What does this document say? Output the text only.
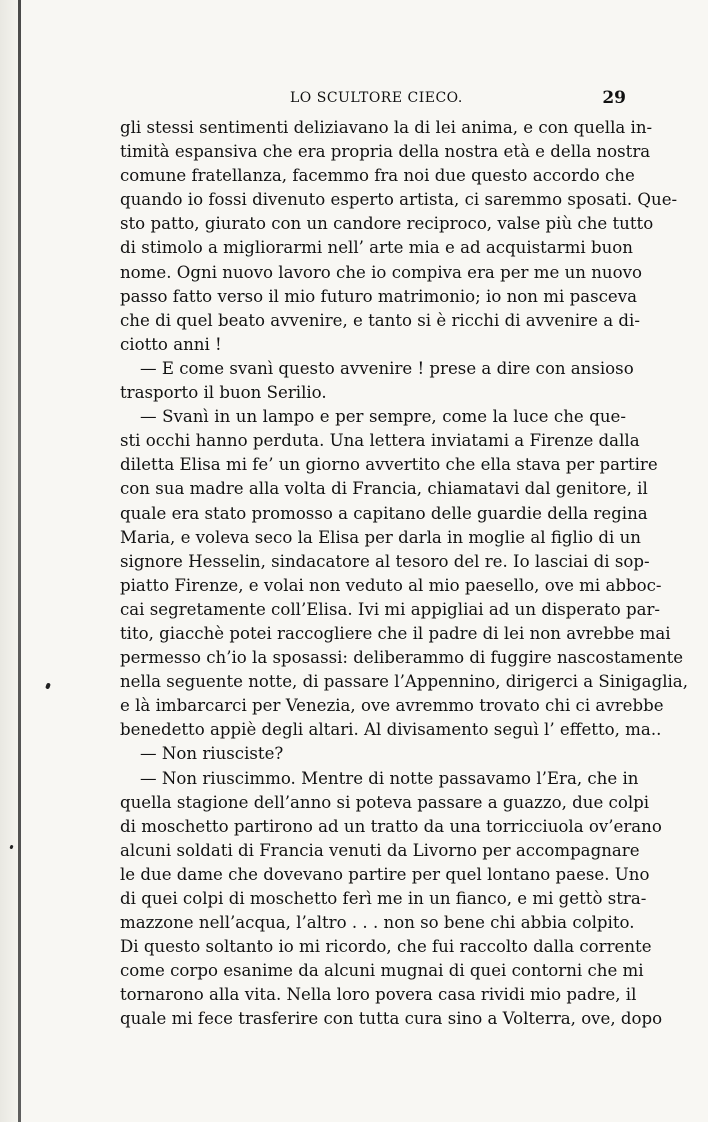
LO SCULTORE CIECO.	29
gli stessi sentimenti deliziavano la di lei anima, e con quella in-
timità espansiva che era propria della nostra età e della nostra
comune fratellanza, facemmo fra noi due questo accordo che
quando io fossi divenuto esperto artista, ci saremmo sposati. Que-
sto patto, giurato con un candore reciproco, valse più che tutto
di stimolo a migliorarmi nell’ arte mia e ad acquistarmi buon
nome. Ogni nuovo lavoro che io compiva era per me un nuovo
passo fatto verso il mio futuro matrimonio; io non mi pasceva
che di quel beato avvenire, e tanto si è ricchi di avvenire a di-
ciotto anni !
— E come svanì questo avvenire ! prese a dire con ansioso
trasporto il buon Serilio.
— Svanì in un lampo e per sempre, come la luce che que-
sti occhi hanno perduta. Una lettera inviatami a Firenze dalla
diletta Elisa mi fe’ un giorno avvertito che ella stava per partire
con sua madre alla volta di Francia, chiamatavi dal genitore, il
quale era stato promosso a capitano delle guardie della regina
Maria, e voleva seco la Elisa per darla in moglie al figlio di un
signore Hesselin, sindacatore al tesoro del re. Io lasciai di sop-
piatto Firenze, e volai non veduto al mio paesello, ove mi abboc-
cai segretamente coll’Elisa. Ivi mi appigliai ad un disperato par-
tito, giacchè potei raccogliere che il padre di lei non avrebbe mai
permesso ch’io la sposassi: deliberammo di fuggire nascostamente
nella seguente notte, di passare l’Appennino, dirigerci a Sinigaglia,
e là imbarcarci per Venezia, ove avremmo trovato chi ci avrebbe
benedetto appiè degli altari. Al divisamento seguì l’ effetto, ma..
— Non riusciste?
— Non riuscimmo. Mentre di notte passavamo l’Era, che in
quella stagione dell’anno si poteva passare a guazzo, due colpi
di moschetto partirono ad un tratto da una torricciuola ov’erano
alcuni soldati di Francia venuti da Livorno per accompagnare
le due dame che dovevano partire per quel lontano paese. Uno
di quei colpi di moschetto ferì me in un fianco, e mi gettò stra-
mazzone nell’acqua, l’altro . . . non so bene chi abbia colpito.
Di questo soltanto io mi ricordo, che fui raccolto dalla corrente
come corpo esanime da alcuni mugnai di quei contorni che mi
tornarono alla vita. Nella loro povera casa rividi mio padre, il
quale mi fece trasferire con tutta cura sino a Volterra, ove, dopo
